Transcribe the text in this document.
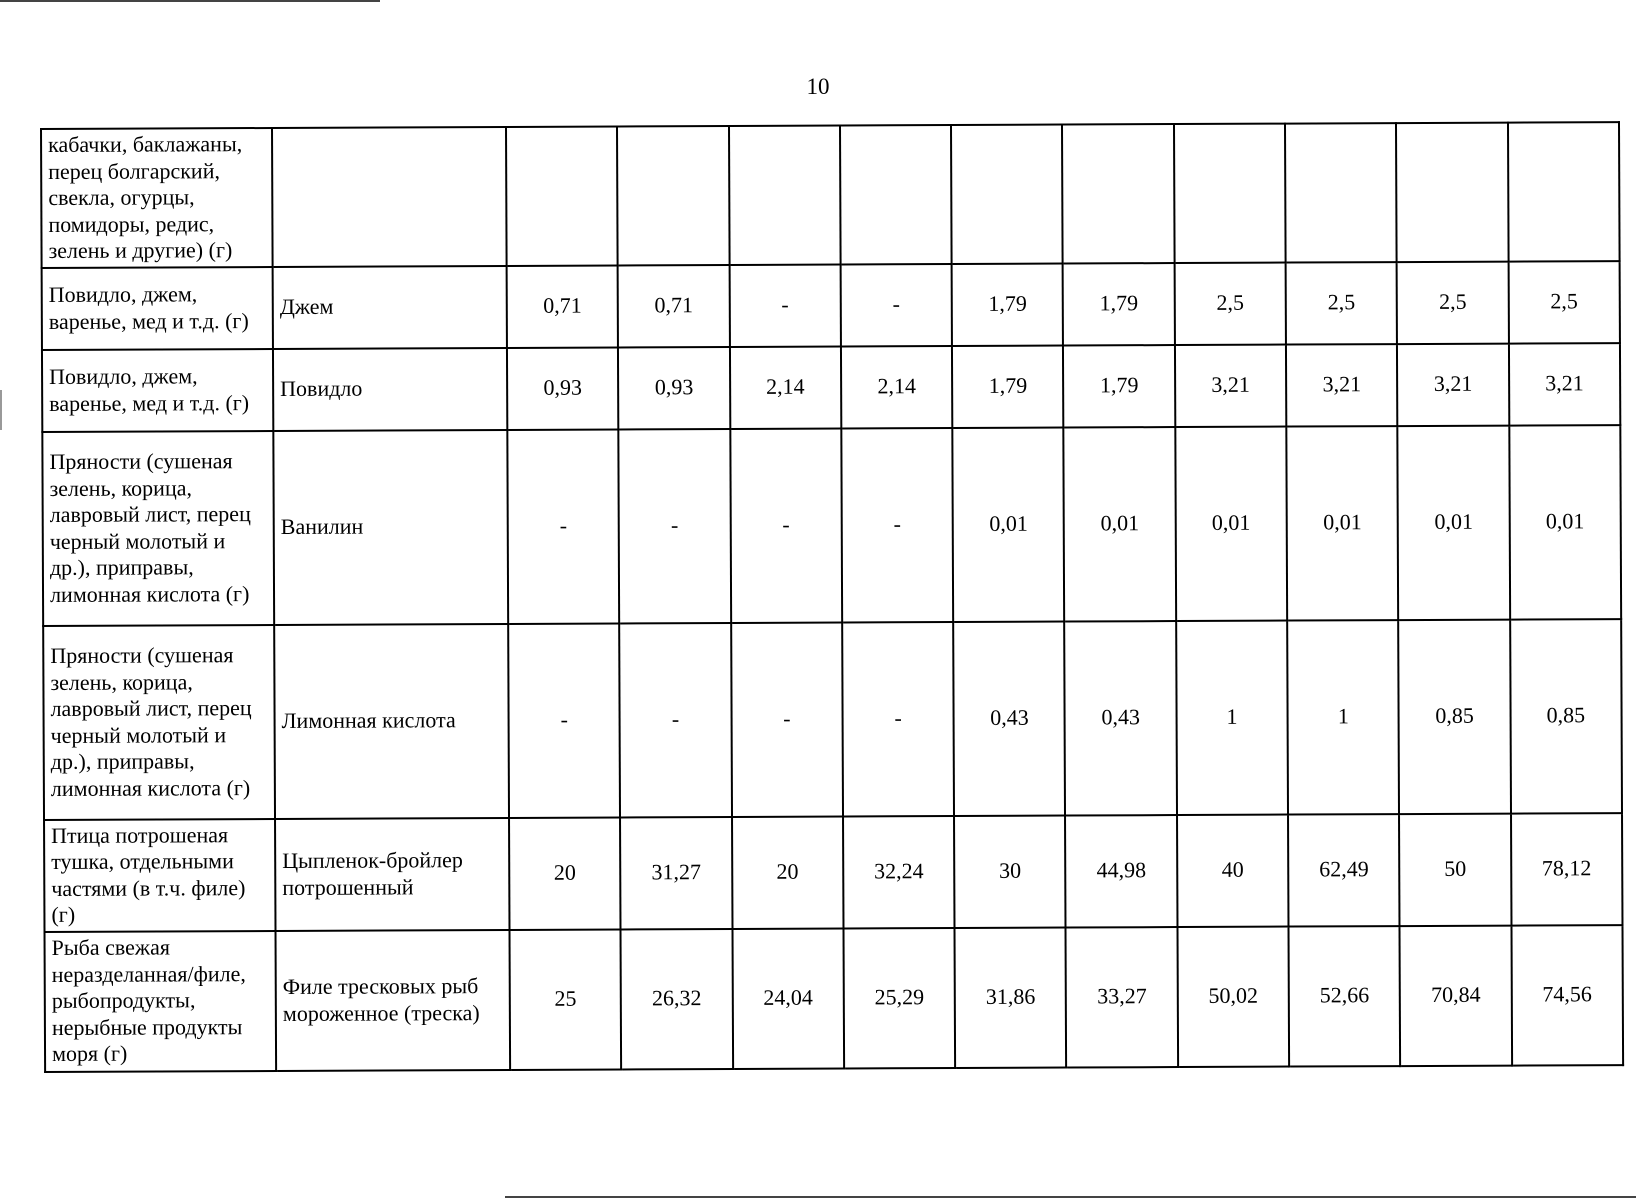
10
кабачки, баклажаны, перец болгарский, свекла, огурцы, помидоры, редис, зелень и другие) (г)											
Повидло, джем, варенье, мед и т.д. (г)	Джем	0,71	0,71	-	-	1,79	1,79	2,5	2,5	2,5	2,5
Повидло, джем, варенье, мед и т.д. (г)	Повидло	0,93	0,93	2,14	2,14	1,79	1,79	3,21	3,21	3,21	3,21
Пряности (сушеная зелень, корица, лавровый лист, перец черный молотый и др.), приправы, лимонная кислота (г)	Ванилин	-	-	-	-	0,01	0,01	0,01	0,01	0,01	0,01
Пряности (сушеная зелень, корица, лавровый лист, перец черный молотый и др.), приправы, лимонная кислота (г)	Лимонная кислота	-	-	-	-	0,43	0,43	1	1	0,85	0,85
Птица потрошеная тушка, отдельными частями (в т.ч. филе) (г)	Цыпленок-бройлер потрошенный	20	31,27	20	32,24	30	44,98	40	62,49	50	78,12
Рыба свежая неразделанная/филе, рыбопродукты, нерыбные продукты моря (г)	Филе тресковых рыб мороженное (треска)	25	26,32	24,04	25,29	31,86	33,27	50,02	52,66	70,84	74,56
